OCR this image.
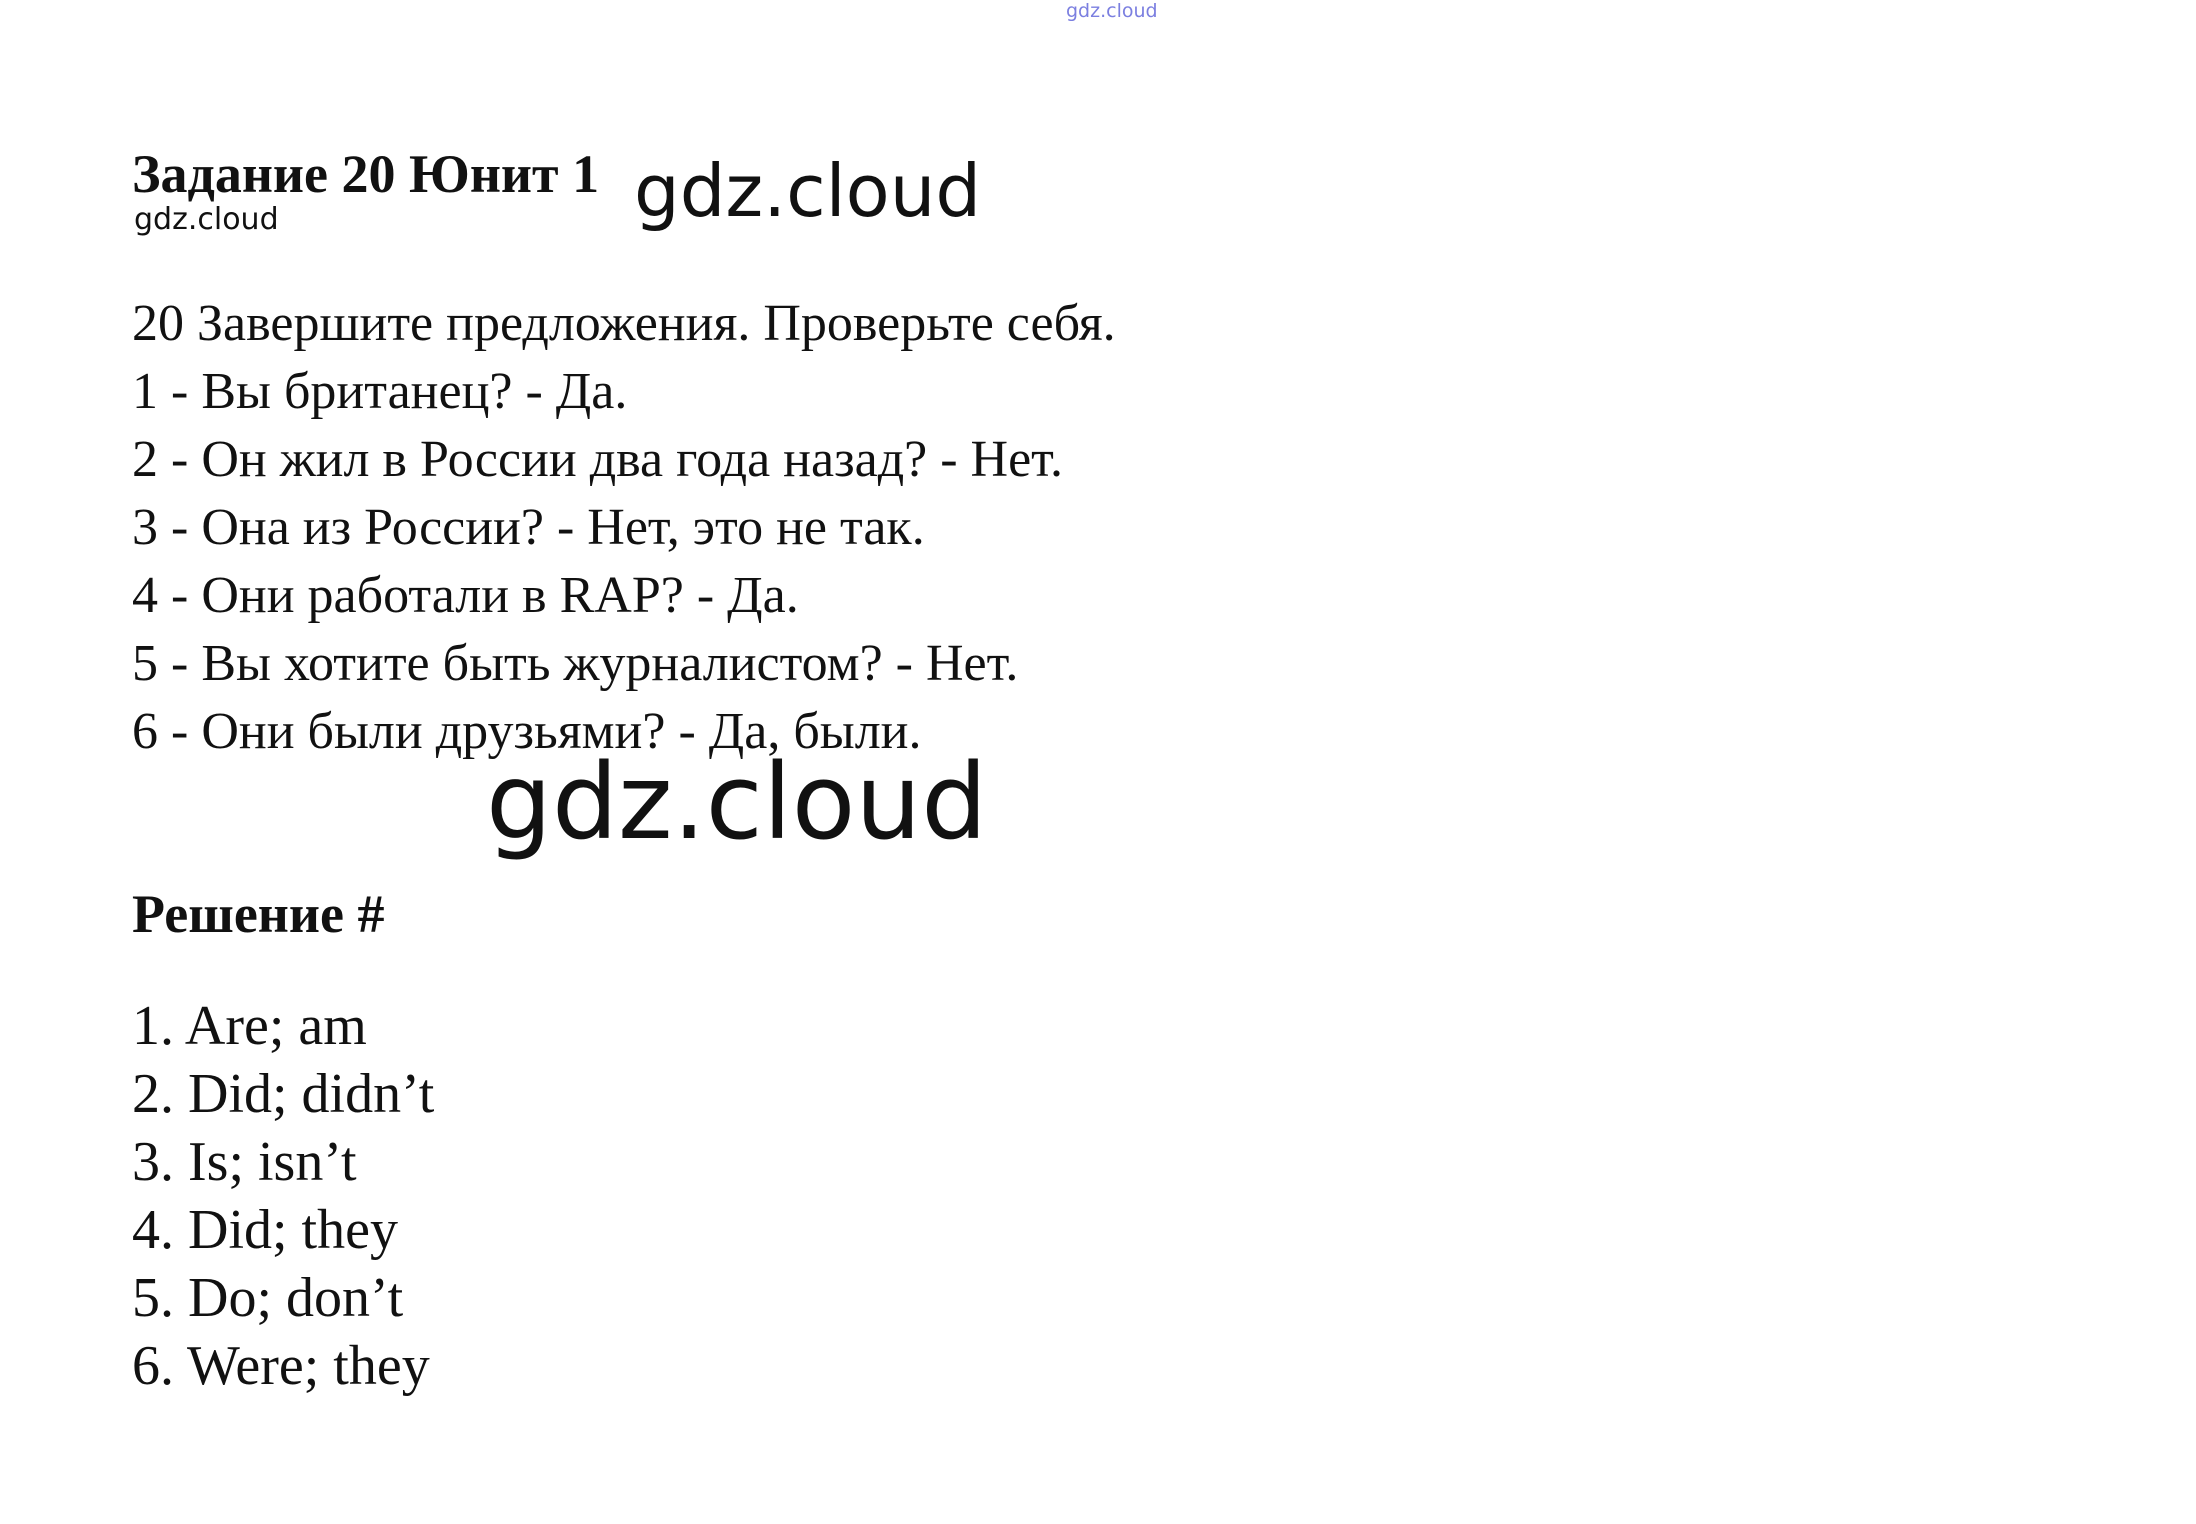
gdz.cloud
Задание 20 Юнит 1
gdz.cloud	gdz.cloud
20 Завершите предложения. Проверьте себя.
1 - Вы британец? - Да.
2 - Он жил в России два года назад? - Нет.
3 - Она из России? - Нет, это не так.
4 - Они работали в RAP? - Да.
5 - Вы хотите быть журналистом? - Нет.
6 - Они были друзьями? - Да, были.
gdz.cloud
Решение #
1. Are; am
2. Did; didn’t
3. Is; isn’t
4. Did; they
5. Do; don’t
6. Were; they
